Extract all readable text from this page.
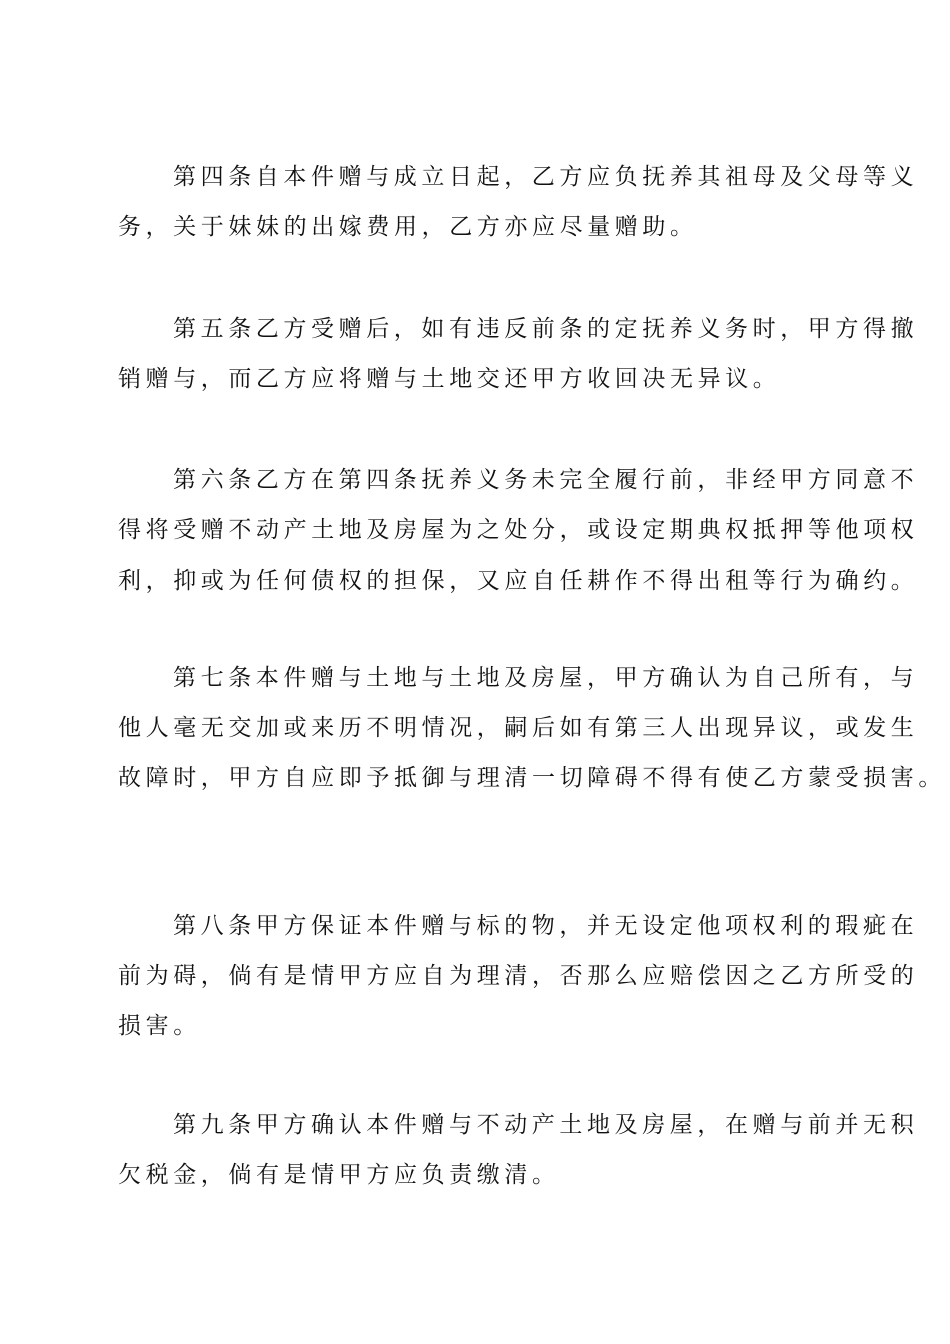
第四条自本件赠与成立日起，乙方应负抚养其祖母及父母等义
务，关于妹妹的出嫁费用，乙方亦应尽量赠助。
第五条乙方受赠后，如有违反前条的定抚养义务时，甲方得撤
销赠与，而乙方应将赠与土地交还甲方收回决无异议。
第六条乙方在第四条抚养义务未完全履行前，非经甲方同意不
得将受赠不动产土地及房屋为之处分，或设定期典权抵押等他项权
利，抑或为任何债权的担保，又应自任耕作不得出租等行为确约。
第七条本件赠与土地与土地及房屋，甲方确认为自己所有，与
他人毫无交加或来历不明情况，嗣后如有第三人出现异议，或发生
故障时，甲方自应即予抵御与理清一切障碍不得有使乙方蒙受损害。
第八条甲方保证本件赠与标的物，并无设定他项权利的瑕疵在
前为碍，倘有是情甲方应自为理清，否那么应赔偿因之乙方所受的
损害。
第九条甲方确认本件赠与不动产土地及房屋，在赠与前并无积
欠税金，倘有是情甲方应负责缴清。
